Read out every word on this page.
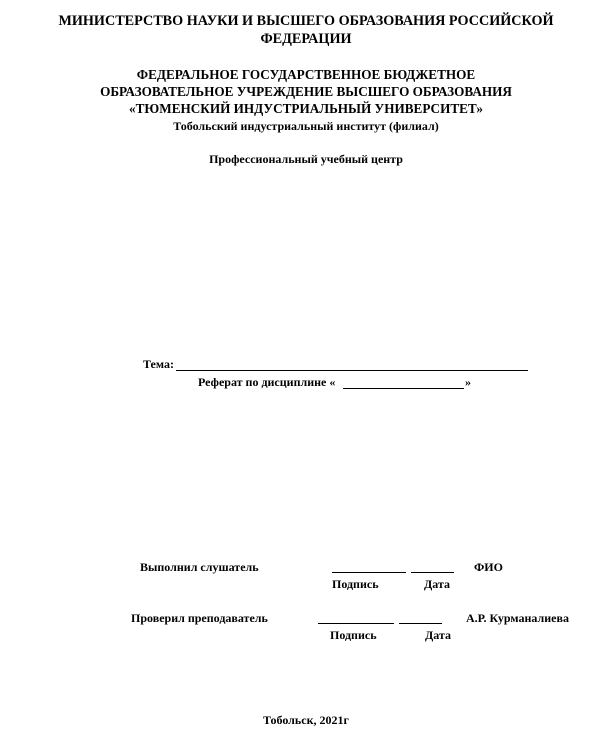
МИНИСТЕРСТВО НАУКИ И ВЫСШЕГО ОБРАЗОВАНИЯ РОССИЙСКОЙ
ФЕДЕРАЦИИ
ФЕДЕРАЛЬНОЕ ГОСУДАРСТВЕННОЕ БЮДЖЕТНОЕ
ОБРАЗОВАТЕЛЬНОЕ УЧРЕЖДЕНИЕ ВЫСШЕГО ОБРАЗОВАНИЯ
«ТЮМЕНСКИЙ ИНДУСТРИАЛЬНЫЙ УНИВЕРСИТЕТ»
Тобольский индустриальный институт (филиал)
Профессиональный учебный центр
Тема:
Реферат по дисциплине «	»
Выполнил слушатель	ФИО
Подпись	Дата
Проверил преподаватель	А.Р. Курманалиева
Подпись	Дата
Тобольск, 2021г
